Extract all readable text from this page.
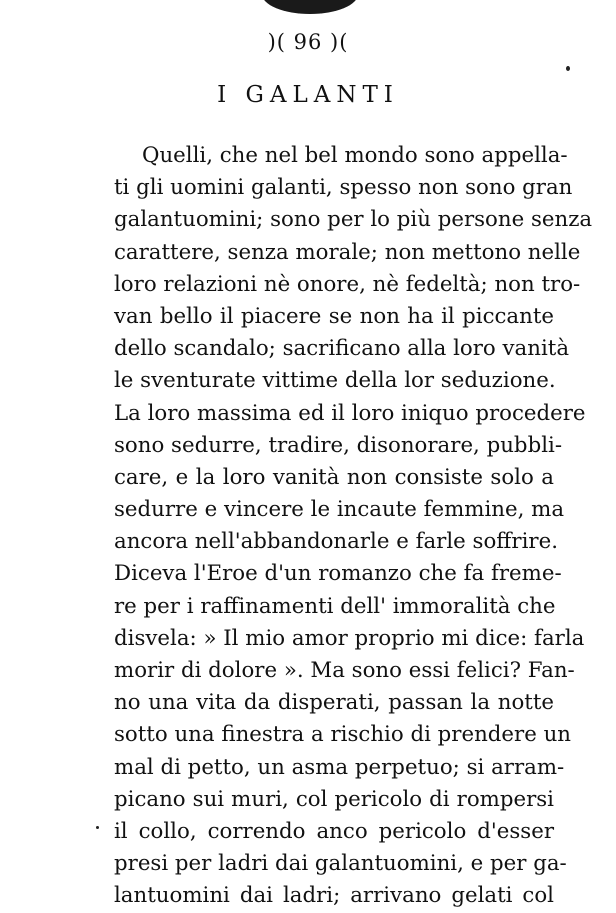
)( 96 )(
I GALANTI
Quelli, che nel bel mondo sono appella-
ti gli uomini galanti, spesso non sono gran
galantuomini; sono per lo più persone senza
carattere, senza morale; non mettono nelle
loro relazioni nè onore, nè fedeltà; non tro-
van bello il piacere se non ha il piccante
dello scandalo; sacrificano alla loro vanità
le sventurate vittime della lor seduzione.
La loro massima ed il loro iniquo procedere
sono sedurre, tradire, disonorare, pubbli-
care, e la loro vanità non consiste solo a
sedurre e vincere le incaute femmine, ma
ancora nell'abbandonarle e farle soffrire.
Diceva l'Eroe d'un romanzo che fa freme-
re per i raffinamenti dell' immoralità che
disvela: » Il mio amor proprio mi dice: farla
morir di dolore ». Ma sono essi felici? Fan-
no una vita da disperati, passan la notte
sotto una finestra a rischio di prendere un
mal di petto, un asma perpetuo; si arram-
picano sui muri, col pericolo di rompersi
il collo, correndo anco pericolo d'esser
presi per ladri dai galantuomini, e per ga-
lantuomini dai ladri; arrivano gelati col
